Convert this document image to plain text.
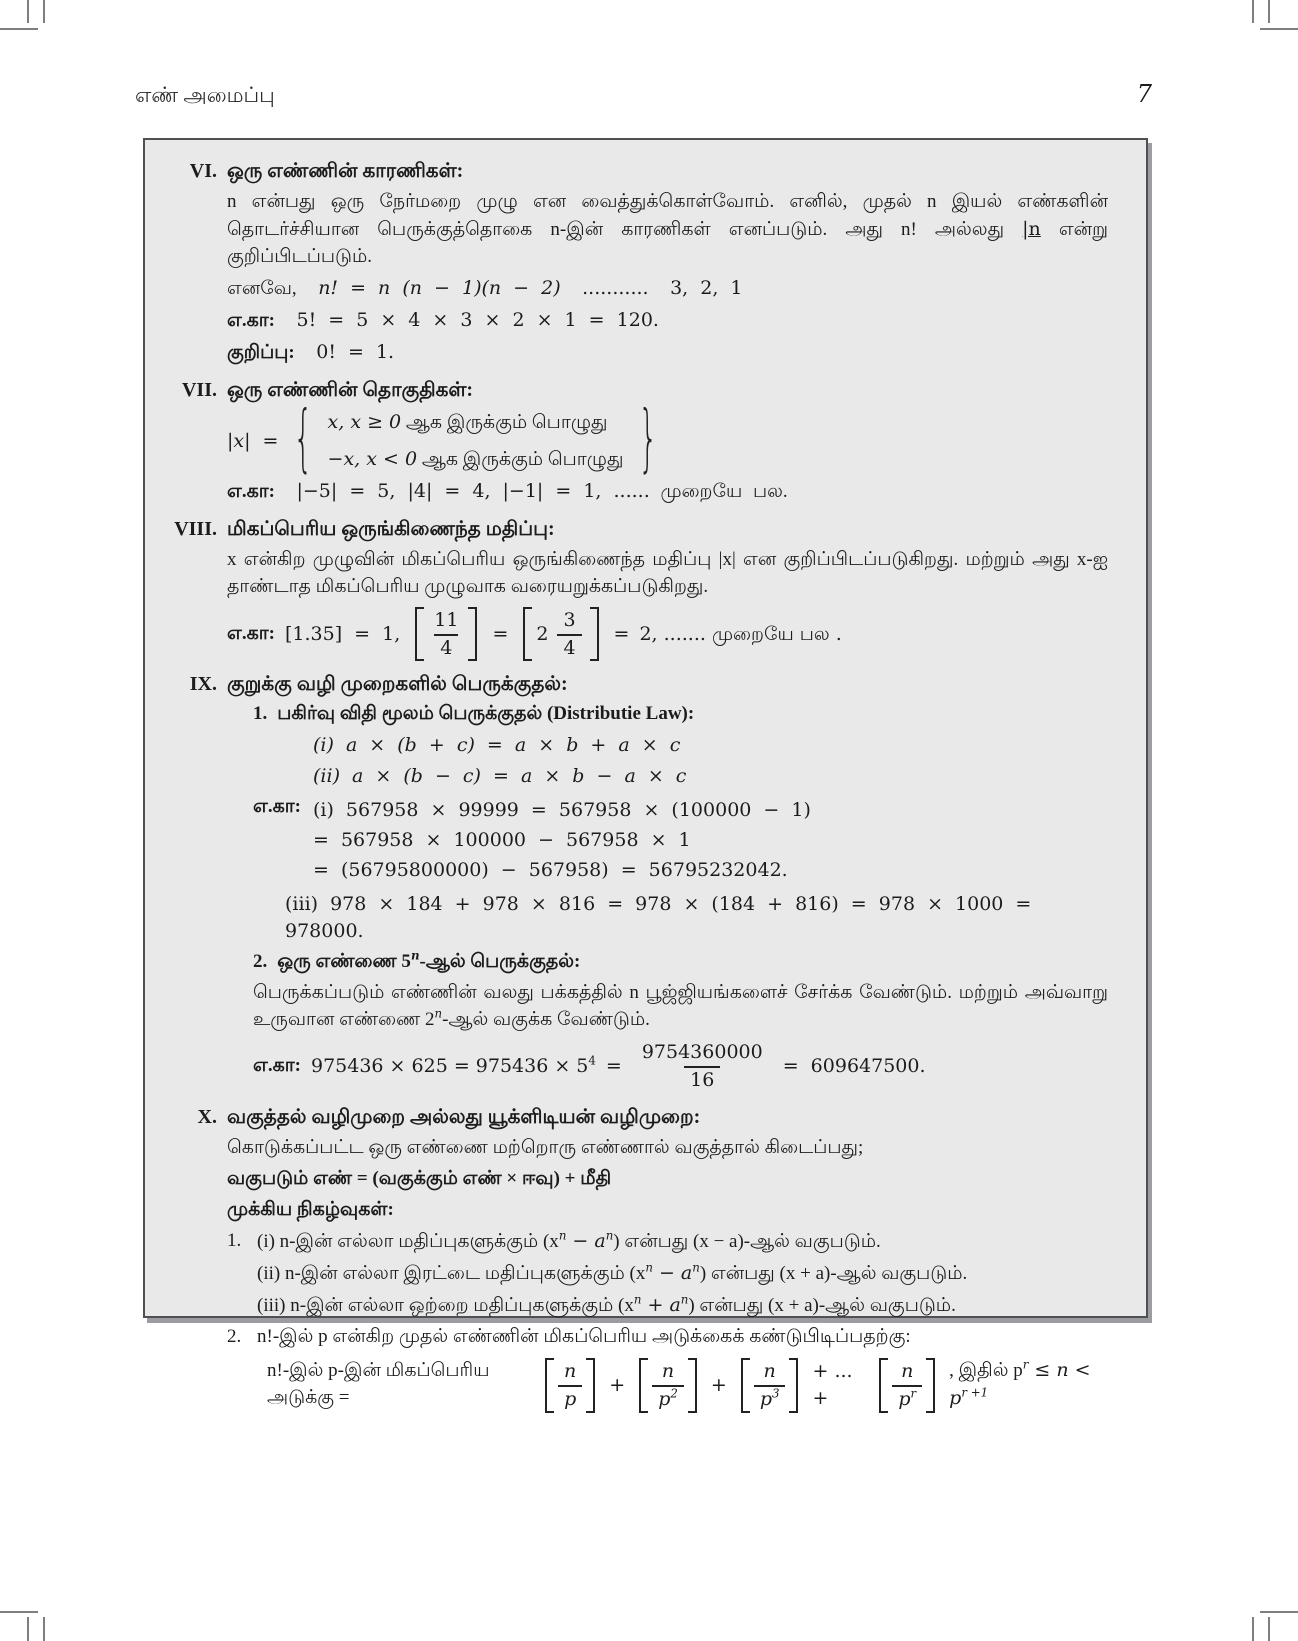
எண் அமைப்பு	7
VI. ஒரு எண்ணின் காரணிகள்:

n என்பது ஒரு நேர்மறை முழு என வைத்துக்கொள்வோம். எனில், முதல் n இயல் எண்களின் தொடர்ச்சியான பெருக்குத்தொகை n-இன் காரணிகள் எனப்படும். அது n! அல்லது |n என்று குறிப்பிடப்படும்.

எனவே, n! = n (n − 1)(n − 2) ........... 3, 2, 1

எ.கா: 5! = 5 × 4 × 3 × 2 × 1 = 120.

குறிப்பு: 0! = 1.

VII. ஒரு எண்ணின் தொகுதிகள்:
|x| = { x, x ≥ 0 ஆக இருக்கும் பொழுது
−x, x < 0 ஆக இருக்கும் பொழுது }

எ.கா: |−5| = 5, |4| = 4, |−1| = 1, ...... முறையே பல.

VIII. மிகப்பெரிய ஒருங்கிணைந்த மதிப்பு:

x என்கிற முழுவின் மிகப்பெரிய ஒருங்கிணைந்த மதிப்பு |x| என குறிப்பிடப்படுகிறது. மற்றும் அது x-ஐ தாண்டாத மிகப்பெரிய முழுவாக வரையறுக்கப்படுகிறது.

எ.கா: [1.35] = 1, $\frac{11}{4} = 2 \frac{3}{4} = 2$, ....... முறையே பல .
IX. குறுக்கு வழி முறைகளில் பெருக்குதல்:
1. பகிர்வு விதி மூலம் பெருக்குதல் (Distributie Law):

(i) a × (b + c) = a × b + a × c

(ii) a × (b − c) = a × b − a × c

எ.கா: (i) 567958 × 99999 = 567958 × (100000 − 1)

= 567958 × 100000 − 567958 × 1

= (56795800000) − 567958) = 56795232042.

(iii) 978 × 184 + 978 × 816 = 978 × (184 + 816) = 978 × 1000 = 978000.

2. ஒரு எண்ணை 5$^n$-ஆல் பெருக்குதல்:

பெருக்கப்படும் எண்ணின் வலது பக்கத்தில் n பூஜ்ஜியங்களைச் சேர்க்க வேண்டும். மற்றும் அவ்வாறு உருவான எண்ணை 2$^n$-ஆல் வகுக்க வேண்டும்.

எ.கா: $975436 \times 625 = 975436 \times 5^4 = \frac{9754360000}{16} = 609647500$.
X. வகுத்தல் வழிமுறை அல்லது யூக்ளிடியன் வழிமுறை:

கொடுக்கப்பட்ட ஒரு எண்ணை மற்றொரு எண்ணால் வகுத்தால் கிடைப்பது;

வகுபடும் எண் = (வகுக்கும் எண் × ஈவு) + மீதி

முக்கிய நிகழ்வுகள்:

1. (i) n-இன் எல்லா மதிப்புகளுக்கும் $(x^n - a^n)$ என்பது (x − a)-ஆல் வகுபடும்.
(ii) n-இன் எல்லா இரட்டை மதிப்புகளுக்கும் $(x^n - a^n)$ என்பது (x + a)-ஆல் வகுபடும்.
(iii) n-இன் எல்லா ஒற்றை மதிப்புகளுக்கும் $(x^n + a^n)$ என்பது (x + a)-ஆல் வகுபடும்.
2. n!-இல் p என்கிற முதல் எண்ணின் மிகப்பெரிய அடுக்கைக் கண்டுபிடிப்பதற்கு:
n!-இல் p-இன் மிகப்பெரிய அடுக்கு =	$\frac{n}{p} + \frac{n}{p^2} + \frac{n}{p^3}$ + ... +	$\frac{n}{p^r}$ , இதில் $p^r \le n < p^{r +1}$
